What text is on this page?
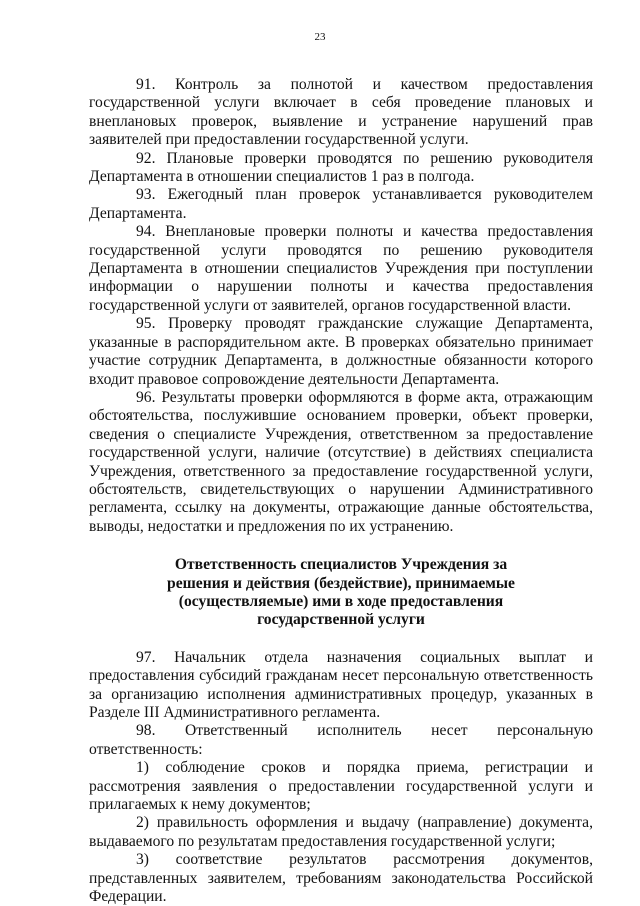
23

91. Контроль за полнотой и качеством предоставления государственной услуги включает в себя проведение плановых и внеплановых проверок, выявление и устранение нарушений прав заявителей при предоставлении государственной услуги.

92. Плановые проверки проводятся по решению руководителя Департамента в отношении специалистов 1 раз в полгода.

93. Ежегодный план проверок устанавливается руководителем Департамента.

94. Внеплановые проверки полноты и качества предоставления государственной услуги проводятся по решению руководителя Департамента в отношении специалистов Учреждения при поступлении информации о нарушении полноты и качества предоставления государственной услуги от заявителей, органов государственной власти.

95. Проверку проводят гражданские служащие Департамента, указанные в распорядительном акте. В проверках обязательно принимает участие сотрудник Департамента, в должностные обязанности которого входит правовое сопровождение деятельности Департамента.

96. Результаты проверки оформляются в форме акта, отражающим обстоятельства, послужившие основанием проверки, объект проверки, сведения о специалисте Учреждения, ответственном за предоставление государственной услуги, наличие (отсутствие) в действиях специалиста Учреждения, ответственного за предоставление государственной услуги, обстоятельств, свидетельствующих о нарушении Административного регламента, ссылку на документы, отражающие данные обстоятельства, выводы, недостатки и предложения по их устранению.

Ответственность специалистов Учреждения за
решения и действия (бездействие), принимаемые
(осуществляемые) ими в ходе предоставления
государственной услуги

97. Начальник отдела назначения социальных выплат и предоставления субсидий гражданам несет персональную ответственность за организацию исполнения административных процедур, указанных в Разделе III Административного регламента.

98. Ответственный исполнитель несет персональную ответственность:

1) соблюдение сроков и порядка приема, регистрации и рассмотрения заявления о предоставлении государственной услуги и прилагаемых к нему документов;

2) правильность оформления и выдачу (направление) документа, выдаваемого по результатам предоставления государственной услуги;

3) соответствие результатов рассмотрения документов, представленных заявителем, требованиям законодательства Российской Федерации.
